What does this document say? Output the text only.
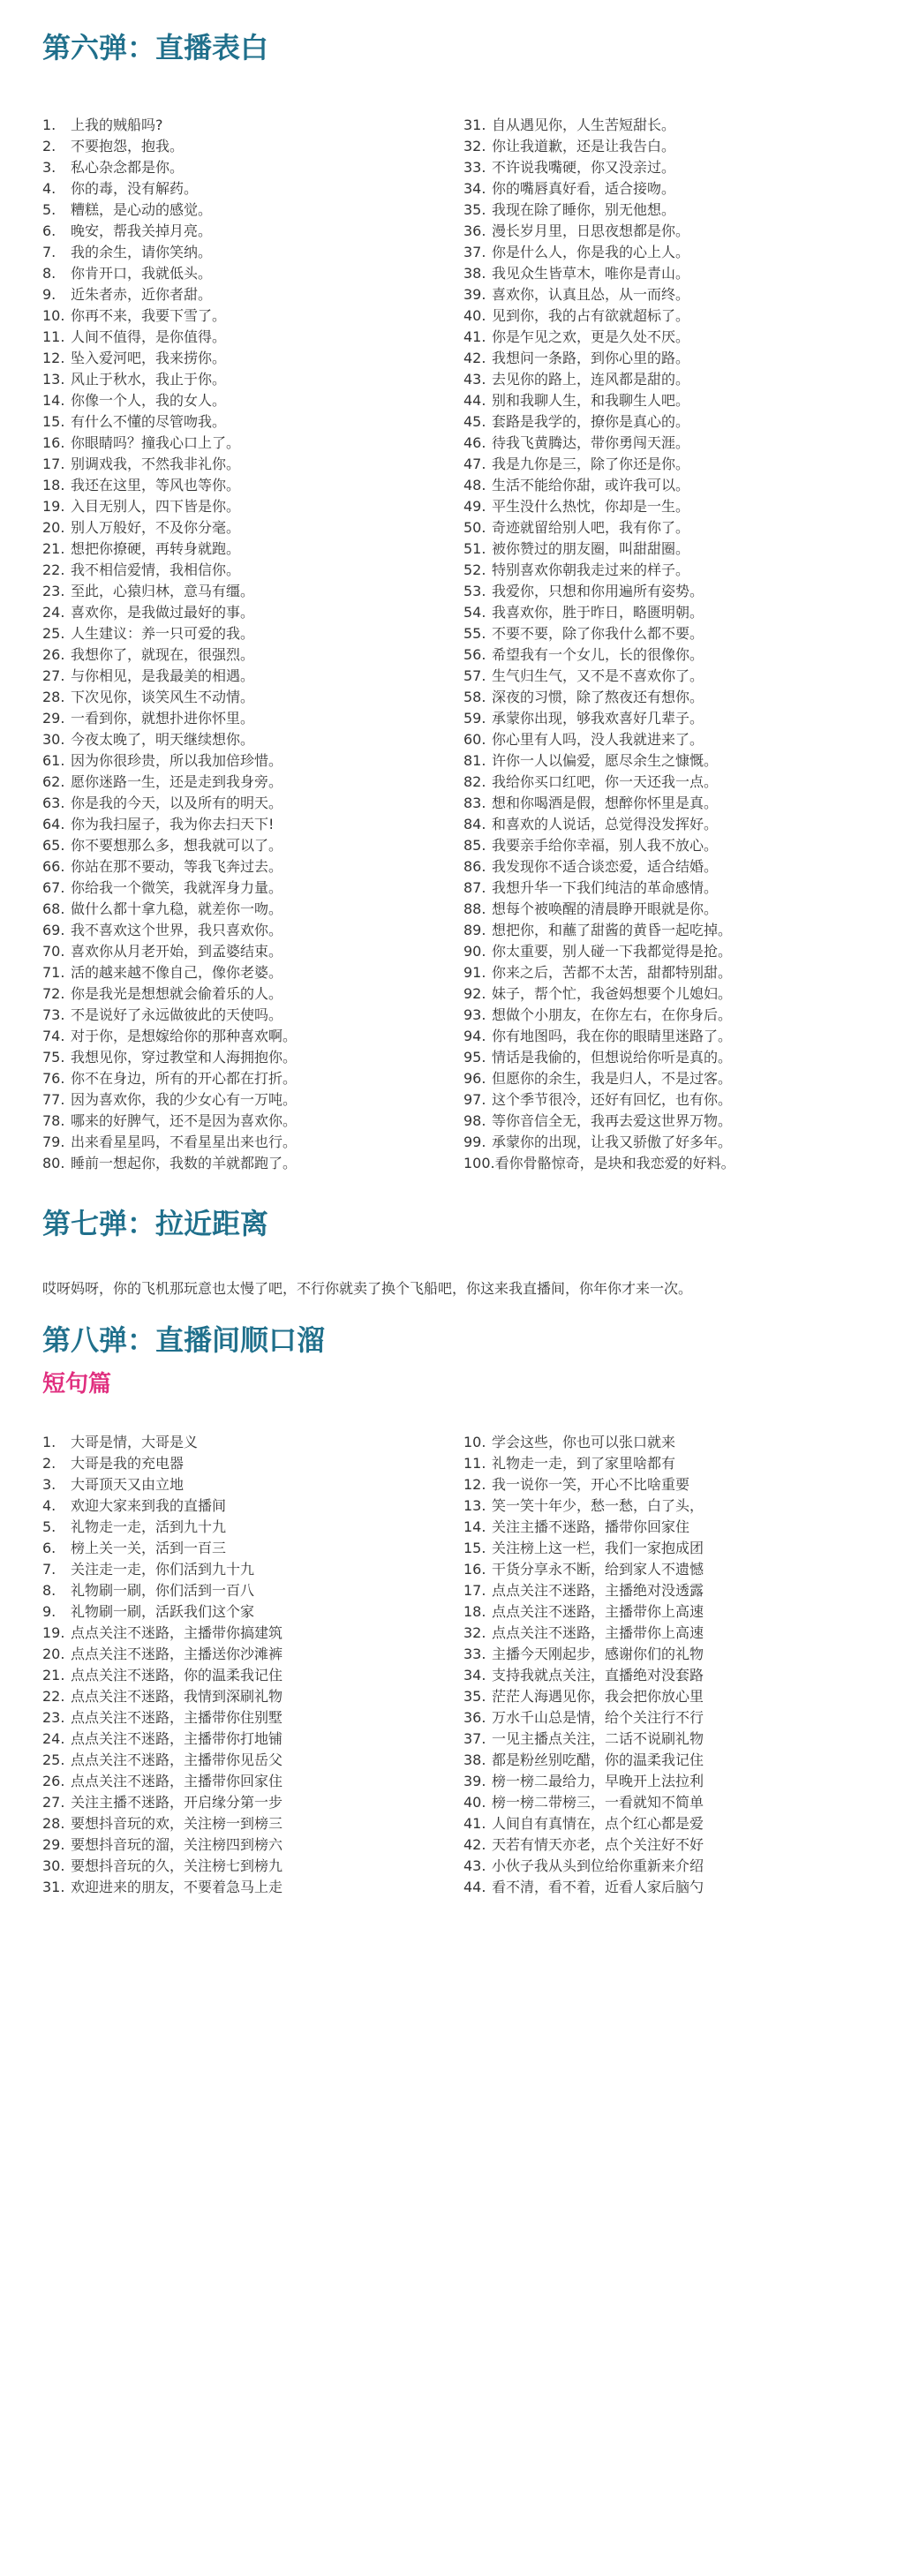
第六弹：直播表白
1. 上我的贼船吗?
2. 不要抱怨，抱我。
3. 私心杂念都是你。
4. 你的毒，没有解药。
5. 糟糕，是心动的感觉。
6. 晚安，帮我关掉月亮。
7. 我的余生，请你笑纳。
8. 你肯开口，我就低头。
9. 近朱者赤，近你者甜。
10. 你再不来，我要下雪了。
11. 人间不值得，是你值得。
12. 坠入爱河吧，我来捞你。
13. 风止于秋水，我止于你。
14. 你像一个人，我的女人。
15. 有什么不懂的尽管吻我。
16. 你眼睛吗？撞我心口上了。
17. 别调戏我，不然我非礼你。
18. 我还在这里，等风也等你。
19. 入目无别人，四下皆是你。
20. 别人万般好，不及你分毫。
21. 想把你撩硬，再转身就跑。
22. 我不相信爱情，我相信你。
23. 至此，心猿归林，意马有缰。
24. 喜欢你，是我做过最好的事。
25. 人生建议：养一只可爱的我。
26. 我想你了，就现在，很强烈。
27. 与你相见，是我最美的相遇。
28. 下次见你，谈笑风生不动情。
29. 一看到你，就想扑进你怀里。
30. 今夜太晚了，明天继续想你。
61. 因为你很珍贵，所以我加倍珍惜。
62. 愿你迷路一生，还是走到我身旁。
63. 你是我的今天，以及所有的明天。
64. 你为我扫屋子，我为你去扫天下!
65. 你不要想那么多，想我就可以了。
66. 你站在那不要动，等我飞奔过去。
67. 你给我一个微笑，我就浑身力量。
68. 做什么都十拿九稳，就差你一吻。
69. 我不喜欢这个世界，我只喜欢你。
70. 喜欢你从月老开始，到孟婆结束。
71. 活的越来越不像自己，像你老婆。
72. 你是我光是想想就会偷着乐的人。
73. 不是说好了永远做彼此的天使吗。
74. 对于你，是想嫁给你的那种喜欢啊。
75. 我想见你，穿过教堂和人海拥抱你。
76. 你不在身边，所有的开心都在打折。
77. 因为喜欢你，我的少女心有一万吨。
78. 哪来的好脾气，还不是因为喜欢你。
79. 出来看星星吗，不看星星出来也行。
80. 睡前一想起你，我数的羊就都跑了。
31. 自从遇见你，人生苦短甜长。
32. 你让我道歉，还是让我告白。
33. 不许说我嘴硬，你又没亲过。
34. 你的嘴唇真好看，适合接吻。
35. 我现在除了睡你，别无他想。
36. 漫长岁月里，日思夜想都是你。
37. 你是什么人，你是我的心上人。
38. 我见众生皆草木，唯你是青山。
39. 喜欢你，认真且怂，从一而终。
40. 见到你，我的占有欲就超标了。
41. 你是乍见之欢，更是久处不厌。
42. 我想问一条路，到你心里的路。
43. 去见你的路上，连风都是甜的。
44. 别和我聊人生，和我聊生人吧。
45. 套路是我学的，撩你是真心的。
46. 待我飞黄腾达，带你勇闯天涯。
47. 我是九你是三，除了你还是你。
48. 生活不能给你甜，或许我可以。
49. 平生没什么热忱，你却是一生。
50. 奇迹就留给别人吧，我有你了。
51. 被你赞过的朋友圈，叫甜甜圈。
52. 特别喜欢你朝我走过来的样子。
53. 我爱你，只想和你用遍所有姿势。
54. 我喜欢你，胜于昨日，略匮明朝。
55. 不要不要，除了你我什么都不要。
56. 希望我有一个女儿，长的很像你。
57. 生气归生气，又不是不喜欢你了。
58. 深夜的习惯，除了熬夜还有想你。
59. 承蒙你出现，够我欢喜好几辈子。
60. 你心里有人吗，没人我就进来了。
81. 许你一人以偏爱，愿尽余生之慷慨。
82. 我给你买口红吧，你一天还我一点。
83. 想和你喝酒是假，想醉你怀里是真。
84. 和喜欢的人说话，总觉得没发挥好。
85. 我要亲手给你幸福，别人我不放心。
86. 我发现你不适合谈恋爱，适合结婚。
87. 我想升华一下我们纯洁的革命感情。
88. 想每个被唤醒的清晨睁开眼就是你。
89. 想把你，和蘸了甜酱的黄昏一起吃掉。
90. 你太重要，别人碰一下我都觉得是抢。
91. 你来之后，苦都不太苦，甜都特别甜。
92. 妹子，帮个忙，我爸妈想要个儿媳妇。
93. 想做个小朋友，在你左右，在你身后。
94. 你有地图吗，我在你的眼睛里迷路了。
95. 情话是我偷的，但想说给你听是真的。
96. 但愿你的余生，我是归人，不是过客。
97. 这个季节很冷，还好有回忆，也有你。
98. 等你音信全无，我再去爱这世界万物。
99. 承蒙你的出现，让我又骄傲了好多年。
100.看你骨骼惊奇，是块和我恋爱的好料。
第七弹：拉近距离

哎呀妈呀，你的飞机那玩意也太慢了吧，不行你就卖了换个飞船吧，你这来我直播间，你年你才来一次。

第八弹：直播间顺口溜
短句篇
1. 大哥是情，大哥是义
2. 大哥是我的充电器
3. 大哥顶天又由立地
4. 欢迎大家来到我的直播间
5. 礼物走一走，活到九十九
6. 榜上关一关，活到一百三
7. 关注走一走，你们活到九十九
8. 礼物刷一刷，你们活到一百八
9. 礼物刷一刷，活跃我们这个家
19. 点点关注不迷路，主播带你搞建筑
20. 点点关注不迷路，主播送你沙滩裤
21. 点点关注不迷路，你的温柔我记住
22. 点点关注不迷路，我情到深刷礼物
23. 点点关注不迷路，主播带你住别墅
24. 点点关注不迷路，主播带你打地铺
25. 点点关注不迷路，主播带你见岳父
26. 点点关注不迷路，主播带你回家住
27. 关注主播不迷路，开启缘分第一步
28. 要想抖音玩的欢，关注榜一到榜三
29. 要想抖音玩的溜，关注榜四到榜六
30. 要想抖音玩的久，关注榜七到榜九
31. 欢迎进来的朋友，不要着急马上走
10. 学会这些，你也可以张口就来
11. 礼物走一走，到了家里啥都有
12. 我一说你一笑，开心不比啥重要
13. 笑一笑十年少，愁一愁，白了头，
14. 关注主播不迷路，播带你回家住
15. 关注榜上这一栏，我们一家抱成团
16. 干货分享永不断，给到家人不遗憾
17. 点点关注不迷路，主播绝对没透露
18. 点点关注不迷路，主播带你上高速
32. 点点关注不迷路，主播带你上高速
33. 主播今天刚起步，感谢你们的礼物
34. 支持我就点关注，直播绝对没套路
35. 茫茫人海遇见你，我会把你放心里
36. 万水千山总是情，给个关注行不行
37. 一见主播点关注，二话不说刷礼物
38. 都是粉丝别吃醋，你的温柔我记住
39. 榜一榜二最给力，早晚开上法拉利
40. 榜一榜二带榜三，一看就知不简单
41. 人间自有真情在，点个红心都是爱
42. 天若有情天亦老，点个关注好不好
43. 小伙子我从头到位给你重新来介绍
44. 看不清，看不着，近看人家后脑勺
